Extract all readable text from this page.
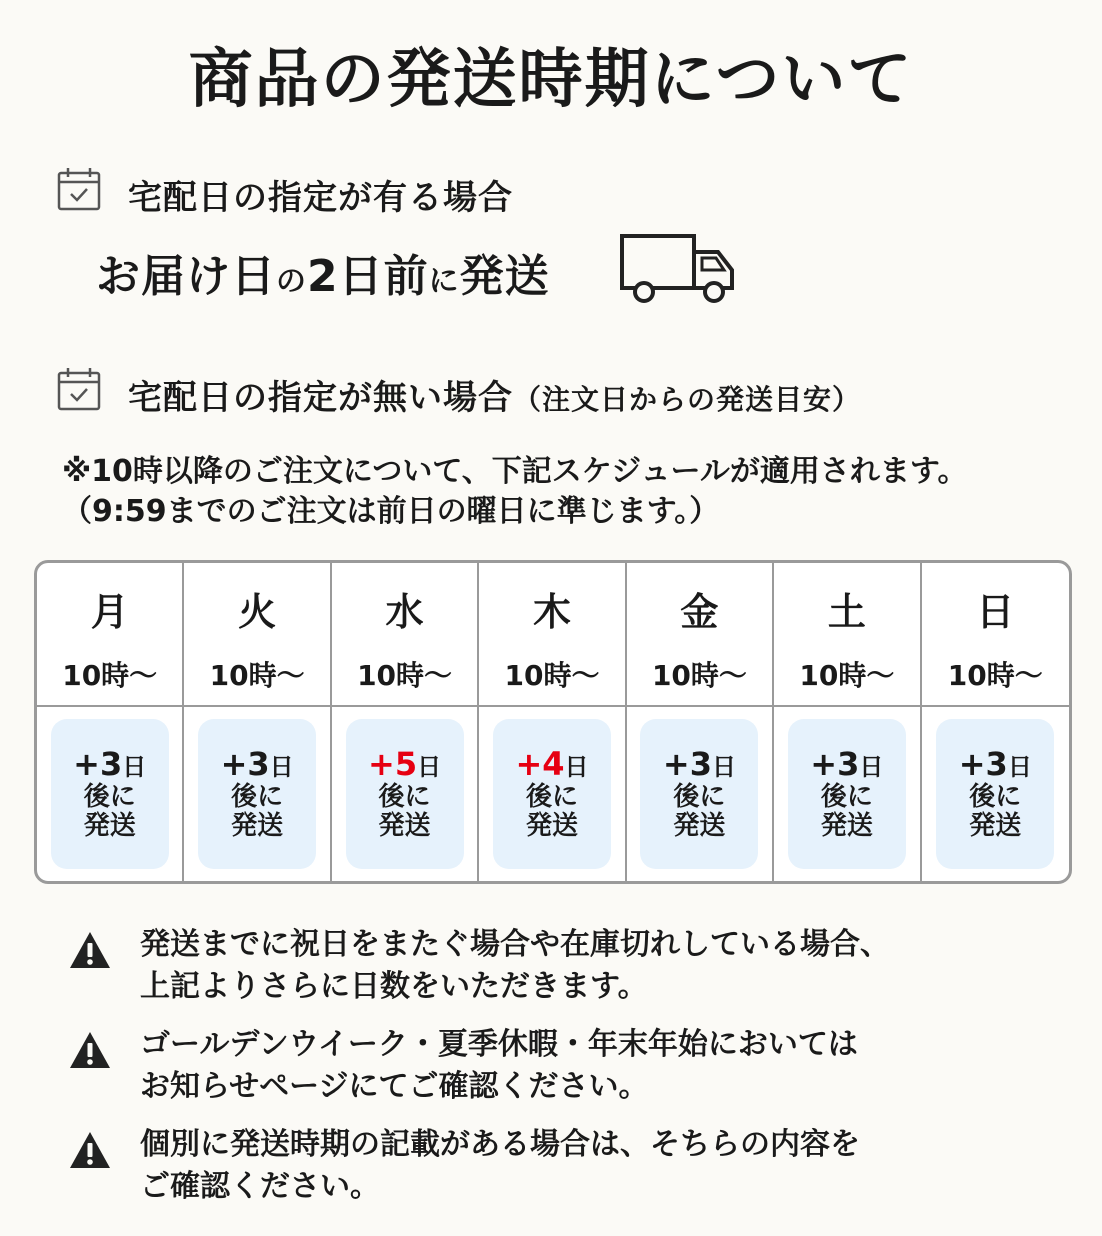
商品の発送時期について
宅配日の指定が有る場合
お届け日の2日前に発送
宅配日の指定が無い場合（注文日からの発送目安）
※10時以降のご注文について、下記スケジュールが適用されます。
（9:59までのご注文は前日の曜日に準じます。）
月
10時～
+3日
後に
発送
火
10時～
+3日
後に
発送
水
10時～
+5日
後に
発送
木
10時～
+4日
後に
発送
金
10時～
+3日
後に
発送
土
10時～
+3日
後に
発送
日
10時～
+3日
後に
発送
発送までに祝日をまたぐ場合や在庫切れしている場合、
上記よりさらに日数をいただきます。
ゴールデンウイーク・夏季休暇・年末年始においては
お知らせページにてご確認ください。
個別に発送時期の記載がある場合は、そちらの内容を
ご確認ください。
